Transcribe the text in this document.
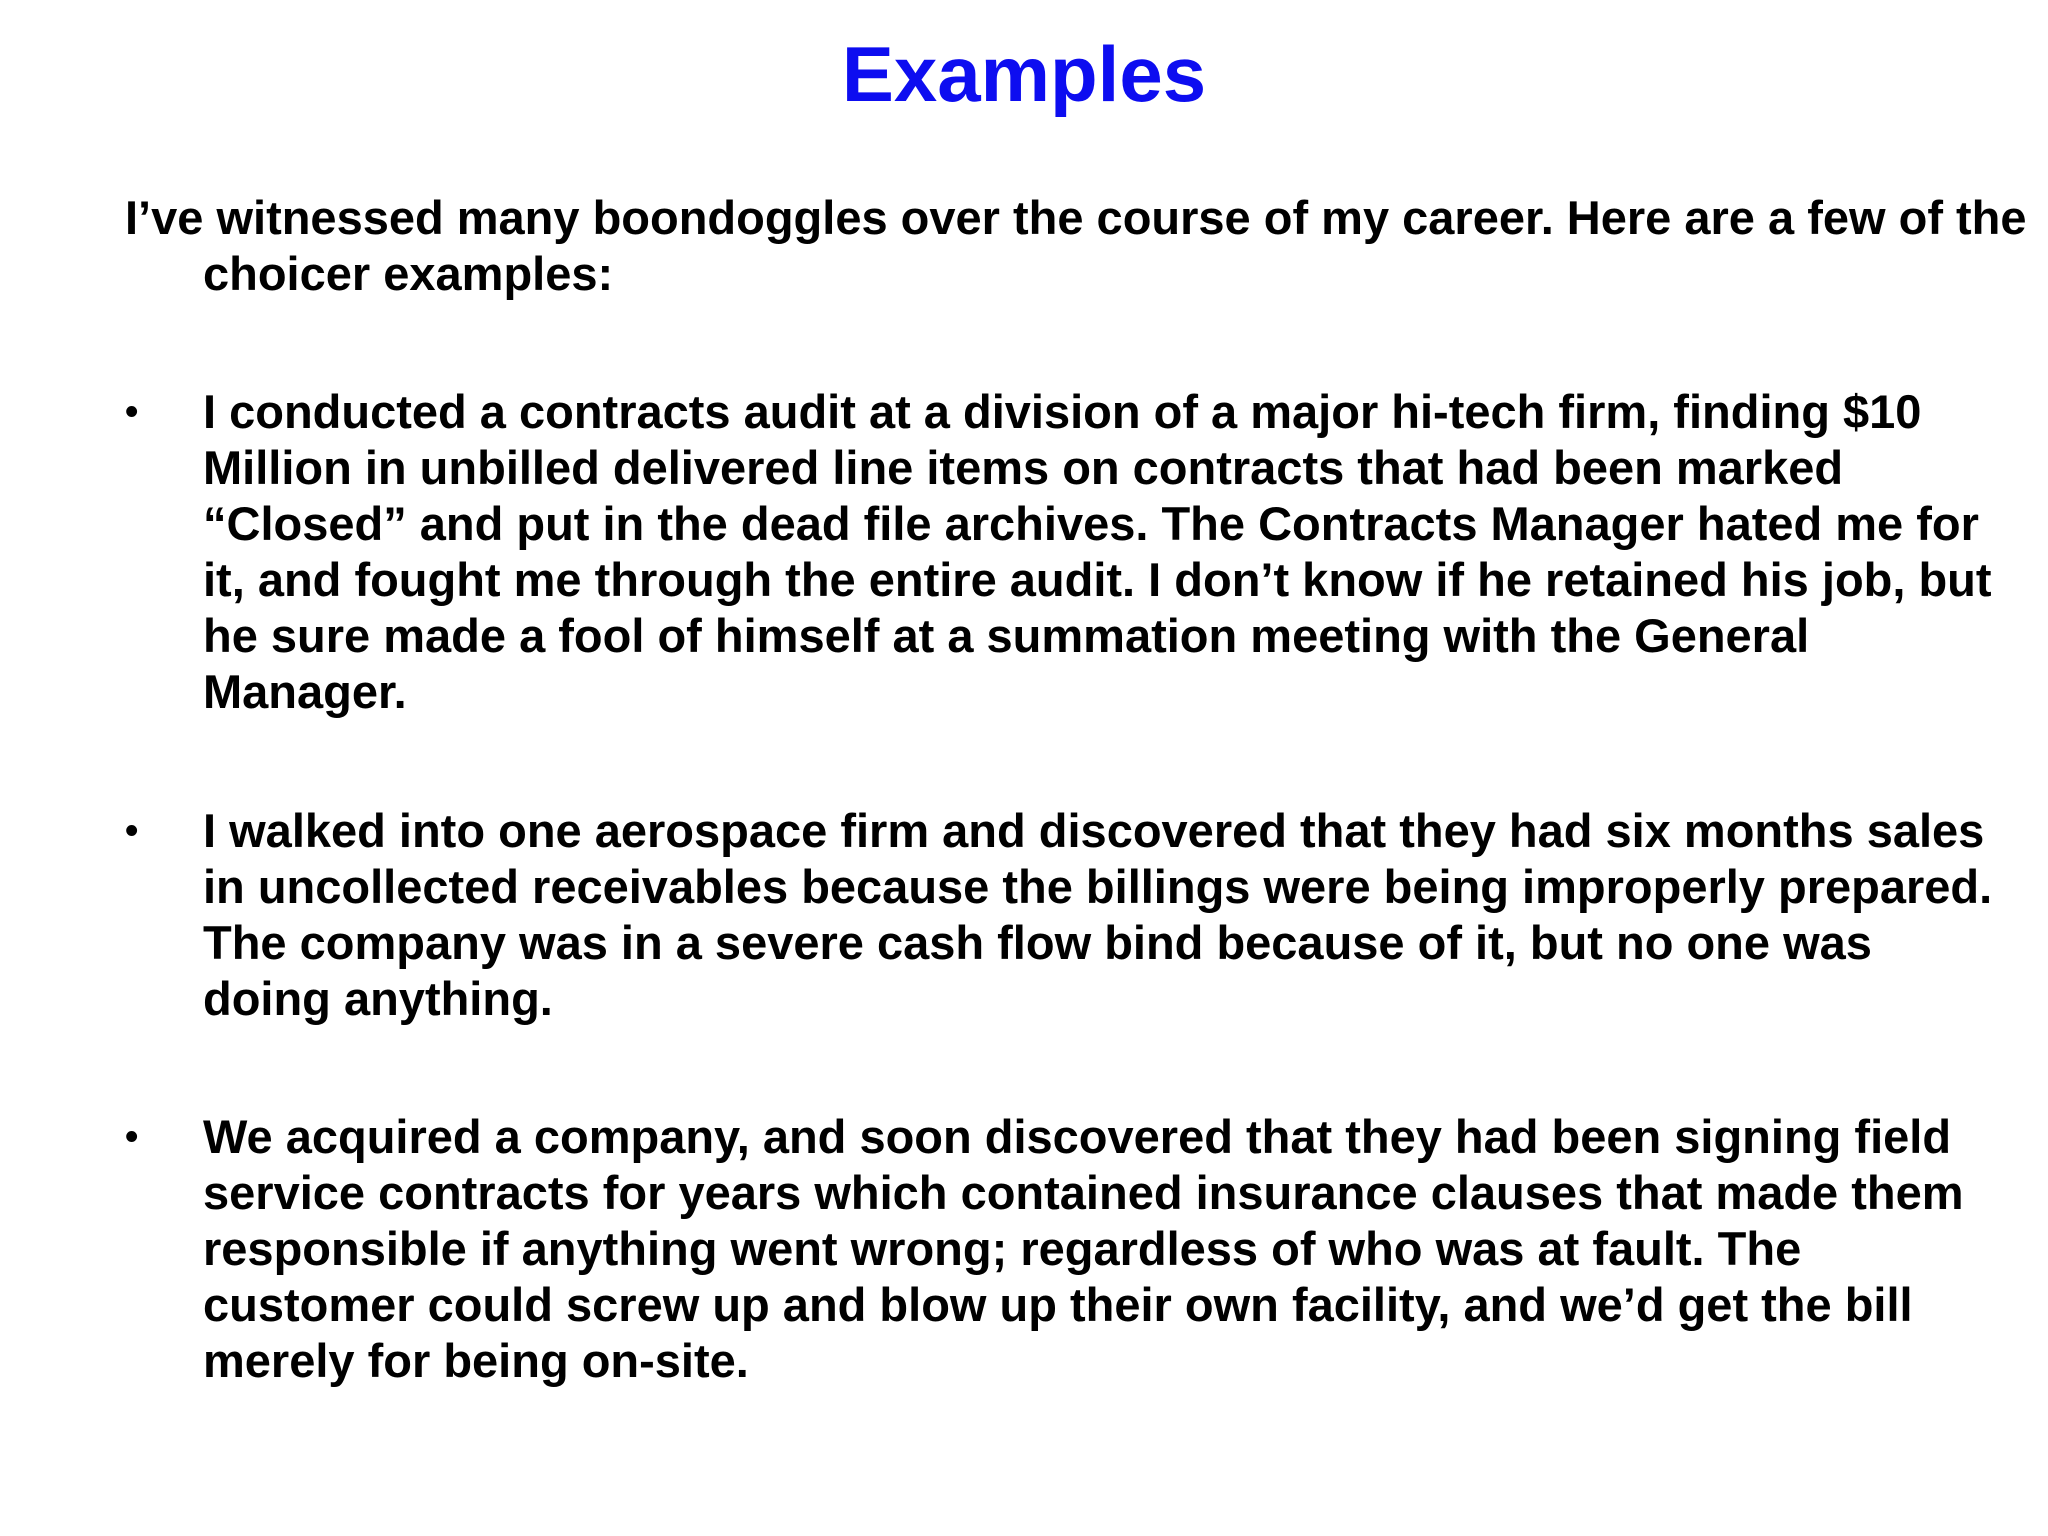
Examples

I’ve witnessed many boondoggles over the course of my career. Here are a few of the choicer examples:

•	I conducted a contracts audit at a division of a major hi-tech firm, finding $10 Million in unbilled delivered line items on contracts that had been marked “Closed” and put in the dead file archives. The Contracts Manager hated me for it, and fought me through the entire audit. I don’t know if he retained his job, but he sure made a fool of himself at a summation meeting with the General Manager.

•	I walked into one aerospace firm and discovered that they had six months sales in uncollected receivables because the billings were being improperly prepared. The company was in a severe cash flow bind because of it, but no one was doing anything.

•	We acquired a company, and soon discovered that they had been signing field service contracts for years which contained insurance clauses that made them responsible if anything went wrong; regardless of who was at fault. The customer could screw up and blow up their own facility, and we’d get the bill merely for being on-site.
